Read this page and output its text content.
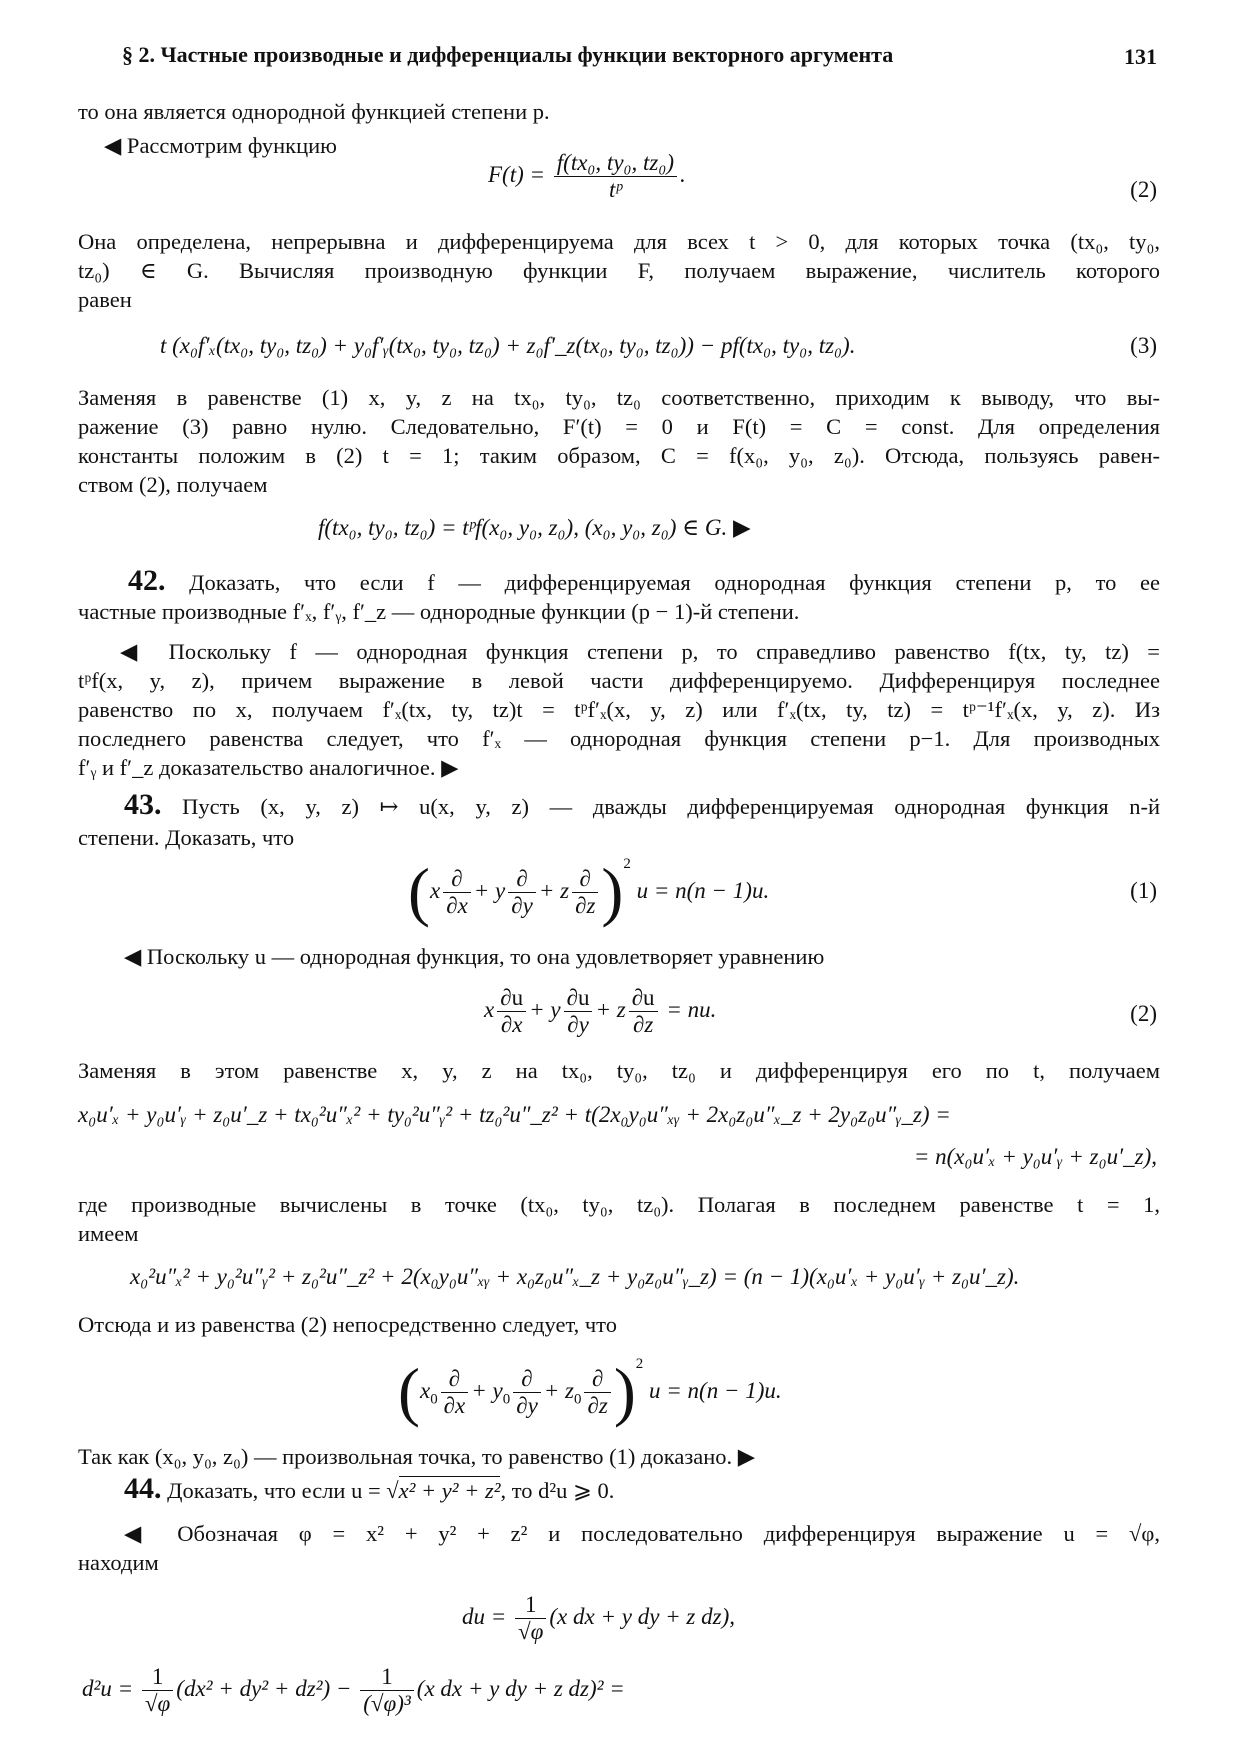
§ 2. Частные производные и дифференциалы функции векторного аргумента	131
то она является однородной функцией степени p.
◀ Рассмотрим функцию
$F(t) = \frac{\text{f(tx₀, ty₀, tz₀)}}{\text{tᵖ}}$ .
(2)
Она определена, непрерывна и дифференцируема для всех t > 0, для которых точка (tx₀, ty₀,
tz₀) ∈ G. Вычисляя производную функции F, получаем выражение, числитель которого
равен
t (x₀f′ₓ(tx₀, ty₀, tz₀) + y₀f′ᵧ(tx₀, ty₀, tz₀) + z₀f′_z(tx₀, ty₀, tz₀)) − pf(tx₀, ty₀, tz₀).	(3)
Заменяя в равенстве (1) x, y, z на tx₀, ty₀, tz₀ соответственно, приходим к выводу, что вы-
ражение (3) равно нулю. Следовательно, F′(t) = 0 и F(t) = C = const. Для определения
константы положим в (2) t = 1; таким образом, C = f(x₀, y₀, z₀). Отсюда, пользуясь равен-
ством (2), получаем
f(tx₀, ty₀, tz₀) = tᵖf(x₀, y₀, z₀), (x₀, y₀, z₀) ∈ G. ▶
42. Доказать, что если f — дифференцируемая однородная функция степени p, то ее
частные производные f′ₓ, f′ᵧ, f′_z — однородные функции (p − 1)-й степени.
◀ Поскольку f — однородная функция степени p, то справедливо равенство f(tx, ty, tz) =
tᵖf(x, y, z), причем выражение в левой части дифференцируемо. Дифференцируя последнее
равенство по x, получаем f′ₓ(tx, ty, tz)t = tᵖf′ₓ(x, y, z) или f′ₓ(tx, ty, tz) = tᵖ⁻¹f′ₓ(x, y, z). Из
последнего равенства следует, что f′ₓ — однородная функция степени p−1. Для производных
f′ᵧ и f′_z доказательство аналогичное. ▶
43. Пусть (x, y, z) ↦ u(x, y, z) — дважды дифференцируемая однородная функция n-й
степени. Доказать, что
$(x \frac{\partial}{\partial x} + y \frac{\partial}{\partial y} + z \frac{\partial}{\partial z} )^2$ u = n(n − 1)u.	(1)
◀ Поскольку u — однородная функция, то она удовлетворяет уравнению
x $\frac{\partial u}{\partial x} + y \frac{\partial u}{\partial y} + z \frac{\partial u}{\partial z}$ = nu.	(2)
Заменяя в этом равенстве x, y, z на tx₀, ty₀, tz₀ и дифференцируя его по t, получаем
x₀u′ₓ + y₀u′ᵧ + z₀u′_z + tx₀²u″ₓ² + ty₀²u″ᵧ² + tz₀²u″_z² + t(2x₀y₀u″ₓᵧ + 2x₀z₀u″ₓ_z + 2y₀z₀u″ᵧ_z) =
= n(x₀u′ₓ + y₀u′ᵧ + z₀u′_z),
где производные вычислены в точке (tx₀, ty₀, tz₀). Полагая в последнем равенстве t = 1,
имеем
x₀²u″ₓ² + y₀²u″ᵧ² + z₀²u″_z² + 2(x₀y₀u″ₓᵧ + x₀z₀u″ₓ_z + y₀z₀u″ᵧ_z) = (n − 1)(x₀u′ₓ + y₀u′ᵧ + z₀u′_z).
Отсюда и из равенства (2) непосредственно следует, что
$(x_0 \frac{\partial}{\partial x} + y_0 \frac{\partial}{\partial y} + z_0 \frac{\partial}{\partial z} )^2$ u = n(n − 1)u.
Так как (x₀, y₀, z₀) — произвольная точка, то равенство (1) доказано. ▶
44. Доказать, что если u = √x² + y² + z², то d²u ⩾ 0.
◀ Обозначая φ = x² + y² + z² и последовательно дифференцируя выражение u = √φ,
находим
du = $\frac{1}{√\varphi} (x$ dx + y dy + z dz),
$d^2u = \frac{1}{√\varphi} (dx^2 + dy^2 + dz^2) - \frac{1}{\text{(√φ)³}} (x$ dx + y dy + z dz)² =
